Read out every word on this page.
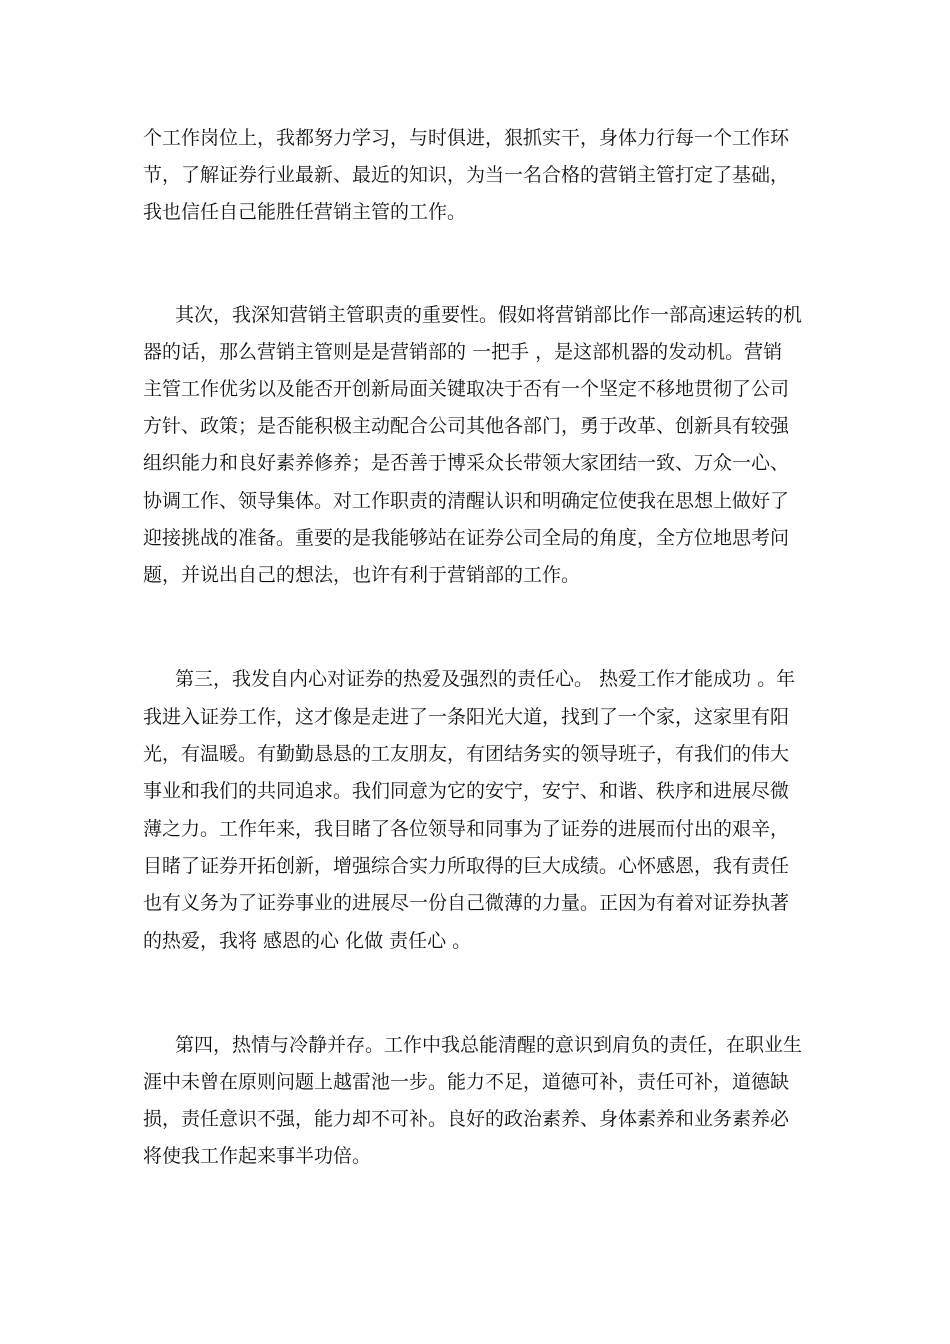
个工作岗位上，我都努力学习，与时俱进，狠抓实干，身体力行每一个工作环
节，了解证券行业最新、最近的知识，为当一名合格的营销主管打定了基础，
我也信任自己能胜任营销主管的工作。
其次，我深知营销主管职责的重要性。假如将营销部比作一部高速运转的机
器的话，那么营销主管则是是营销部的 一把手 ，是这部机器的发动机。营销
主管工作优劣以及能否开创新局面关键取决于否有一个坚定不移地贯彻了公司
方针、政策；是否能积极主动配合公司其他各部门，勇于改革、创新具有较强
组织能力和良好素养修养；是否善于博采众长带领大家团结一致、万众一心、
协调工作、领导集体。对工作职责的清醒认识和明确定位使我在思想上做好了
迎接挑战的准备。重要的是我能够站在证券公司全局的角度，全方位地思考问
题，并说出自己的想法，也许有利于营销部的工作。
第三，我发自内心对证券的热爱及强烈的责任心。 热爱工作才能成功 。年
我进入证券工作，这才像是走进了一条阳光大道，找到了一个家，这家里有阳
光，有温暖。有勤勤恳恳的工友朋友，有团结务实的领导班子，有我们的伟大
事业和我们的共同追求。我们同意为它的安宁，安宁、和谐、秩序和进展尽微
薄之力。工作年来，我目睹了各位领导和同事为了证券的进展而付出的艰辛，
目睹了证券开拓创新，增强综合实力所取得的巨大成绩。心怀感恩，我有责任
也有义务为了证券事业的进展尽一份自己微薄的力量。正因为有着对证券执著
的热爱，我将 感恩的心 化做 责任心 。
第四，热情与冷静并存。工作中我总能清醒的意识到肩负的责任，在职业生
涯中未曾在原则问题上越雷池一步。能力不足，道德可补，责任可补，道德缺
损，责任意识不强，能力却不可补。良好的政治素养、身体素养和业务素养必
将使我工作起来事半功倍。
